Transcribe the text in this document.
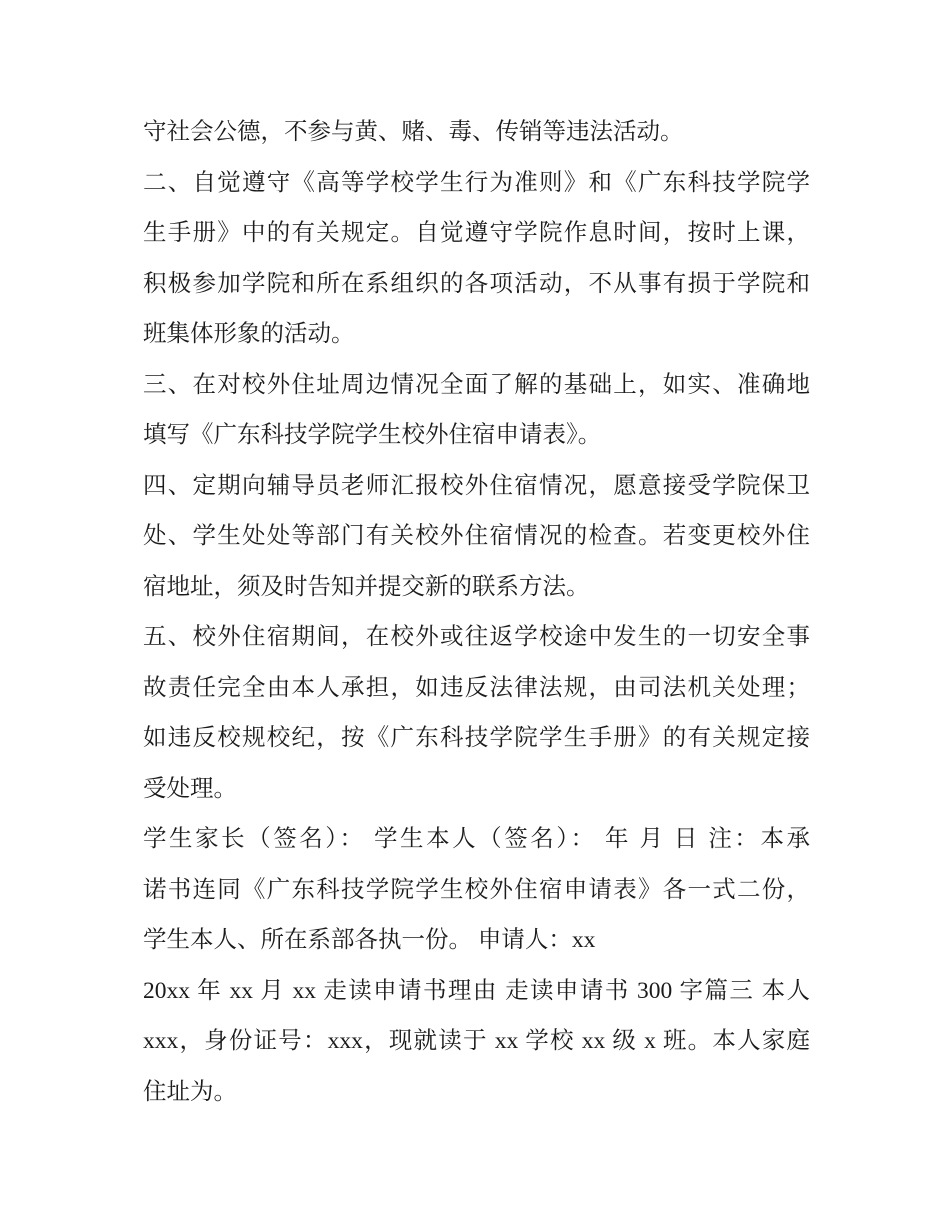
守社会公德，不参与黄、赌、毒、传销等违法活动。
二、自觉遵守《高等学校学生行为准则》和《广东科技学院学
生手册》中的有关规定。自觉遵守学院作息时间，按时上课，
积极参加学院和所在系组织的各项活动，不从事有损于学院和
班集体形象的活动。
三、在对校外住址周边情况全面了解的基础上，如实、准确地
填写《广东科技学院学生校外住宿申请表》。
四、定期向辅导员老师汇报校外住宿情况，愿意接受学院保卫
处、学生处处等部门有关校外住宿情况的检查。若变更校外住
宿地址，须及时告知并提交新的联系方法。
五、校外住宿期间，在校外或往返学校途中发生的一切安全事
故责任完全由本人承担，如违反法律法规，由司法机关处理；
如违反校规校纪，按《广东科技学院学生手册》的有关规定接
受处理。
学生家长（签名）： 学生本人（签名）： 年 月 日 注：本承
诺书连同《广东科技学院学生校外住宿申请表》各一式二份，
学生本人、所在系部各执一份。 申请人：xx
20xx 年 xx 月 xx 走读申请书理由 走读申请书 300 字篇三 本人
xxx，身份证号：xxx，现就读于 xx 学校 xx 级 x 班。本人家庭
住址为。
